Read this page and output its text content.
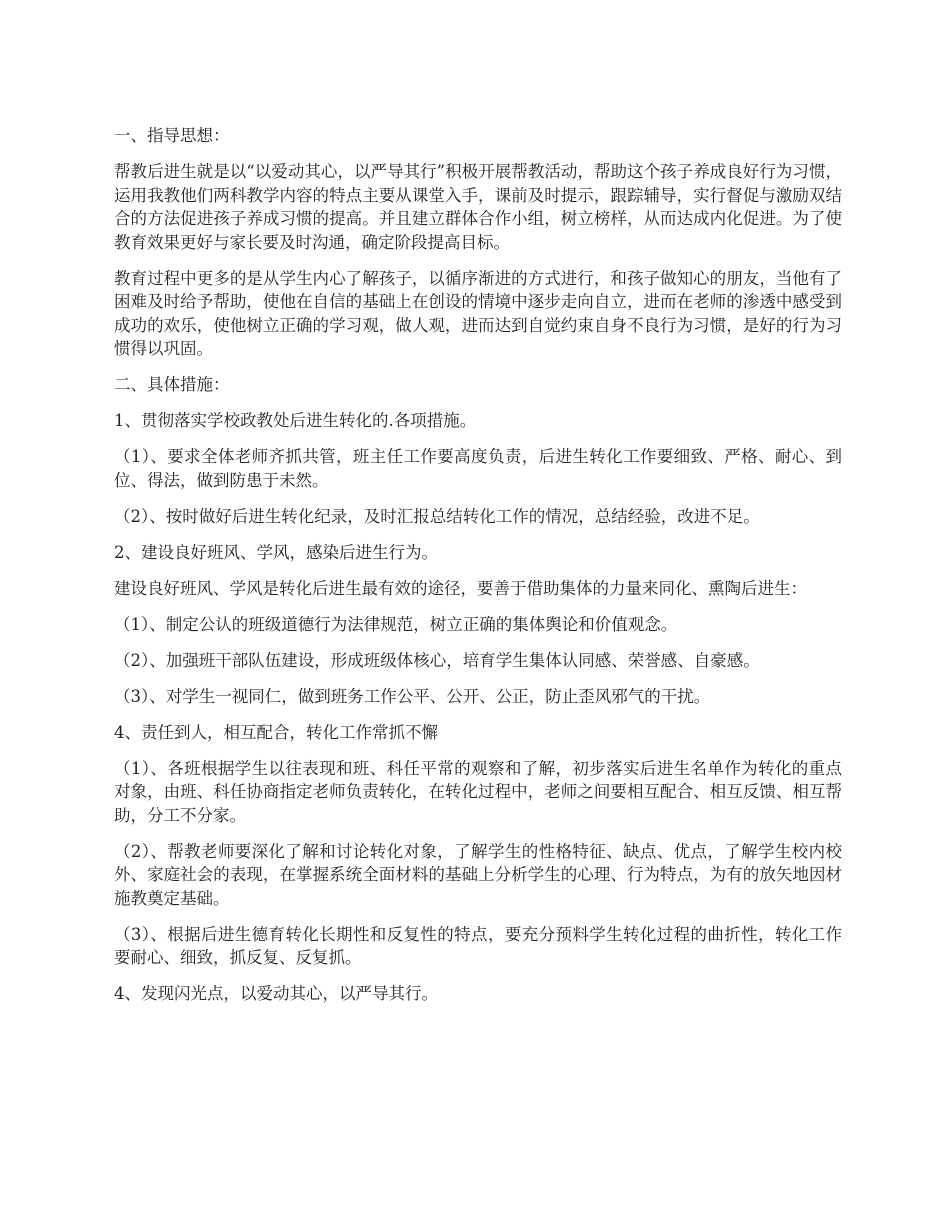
一、指导思想：

帮教后进生就是以“以爱动其心，以严导其行”积极开展帮教活动，帮助这个孩子养成良好行为习惯，运用我教他们两科教学内容的特点主要从课堂入手，课前及时提示，跟踪辅导，实行督促与激励双结合的方法促进孩子养成习惯的提高。并且建立群体合作小组，树立榜样，从而达成内化促进。为了使教育效果更好与家长要及时沟通，确定阶段提高目标。

教育过程中更多的是从学生内心了解孩子，以循序渐进的方式进行，和孩子做知心的朋友，当他有了困难及时给予帮助，使他在自信的基础上在创设的情境中逐步走向自立，进而在老师的渗透中感受到成功的欢乐，使他树立正确的学习观，做人观，进而达到自觉约束自身不良行为习惯，是好的行为习惯得以巩固。

二、具体措施：

1、贯彻落实学校政教处后进生转化的.各项措施。

（1）、要求全体老师齐抓共管，班主任工作要高度负责，后进生转化工作要细致、严格、耐心、到位、得法，做到防患于未然。

（2）、按时做好后进生转化纪录，及时汇报总结转化工作的情况，总结经验，改进不足。

2、建设良好班风、学风，感染后进生行为。

建设良好班风、学风是转化后进生最有效的途径，要善于借助集体的力量来同化、熏陶后进生：

（1）、制定公认的班级道德行为法律规范，树立正确的集体舆论和价值观念。

（2）、加强班干部队伍建设，形成班级体核心，培育学生集体认同感、荣誉感、自豪感。

（3）、对学生一视同仁，做到班务工作公平、公开、公正，防止歪风邪气的干扰。

4、责任到人，相互配合，转化工作常抓不懈

（1）、各班根据学生以往表现和班、科任平常的观察和了解，初步落实后进生名单作为转化的重点对象，由班、科任协商指定老师负责转化，在转化过程中，老师之间要相互配合、相互反馈、相互帮助，分工不分家。

（2）、帮教老师要深化了解和讨论转化对象，了解学生的性格特征、缺点、优点，了解学生校内校外、家庭社会的表现，在掌握系统全面材料的基础上分析学生的心理、行为特点，为有的放矢地因材施教奠定基础。

（3）、根据后进生德育转化长期性和反复性的特点，要充分预料学生转化过程的曲折性，转化工作要耐心、细致，抓反复、反复抓。

4、发现闪光点，以爱动其心，以严导其行。
